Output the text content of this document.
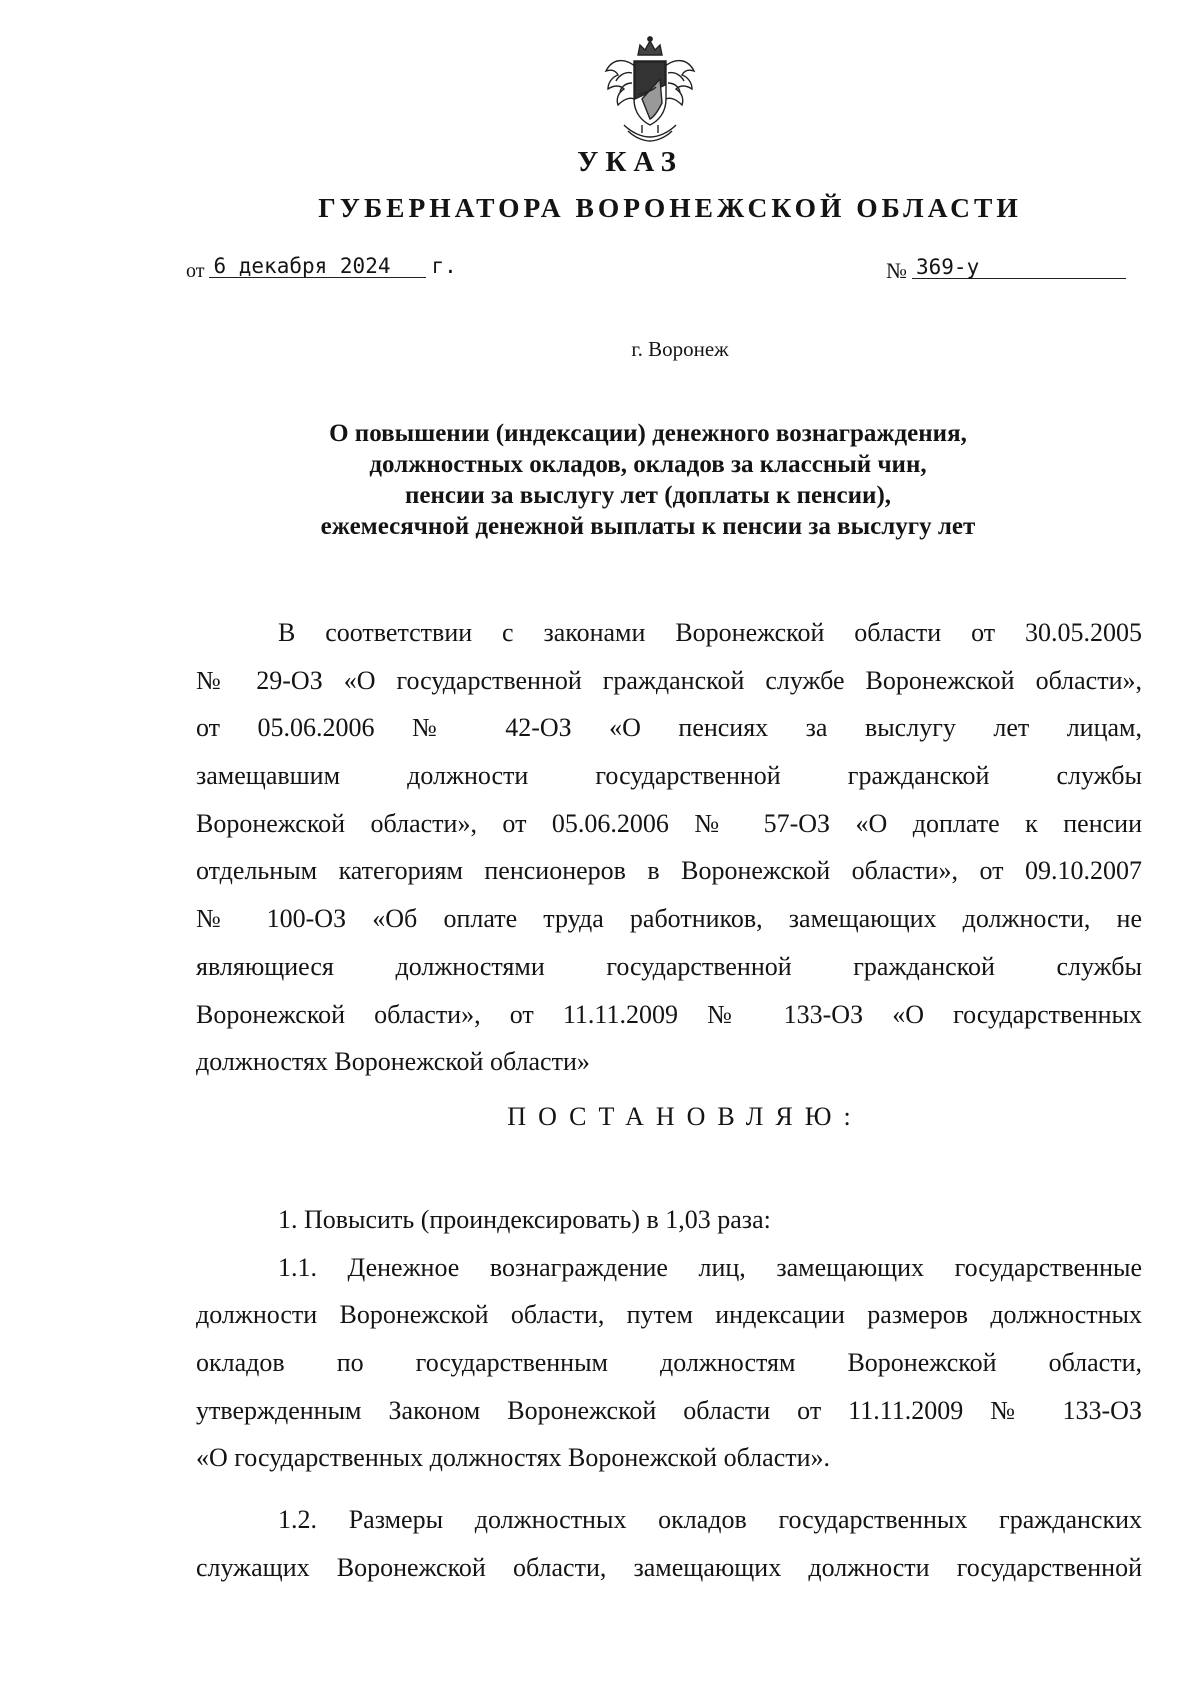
УКАЗ
ГУБЕРНАТОРА ВОРОНЕЖСКОЙ ОБЛАСТИ
от 6 декабря 2024 г.	№ 369-у
г. Воронеж
О повышении (индексации) денежного вознаграждения,
должностных окладов, окладов за классный чин,
пенсии за выслугу лет (доплаты к пенсии),
ежемесячной денежной выплаты к пенсии за выслугу лет
В соответствии с законами Воронежской области от 30.05.2005
№ 29-ОЗ «О государственной гражданской службе Воронежской области»,
от 05.06.2006 № 42-ОЗ «О пенсиях за выслугу лет лицам,
замещавшим должности государственной гражданской службы
Воронежской области», от 05.06.2006 № 57-ОЗ «О доплате к пенсии
отдельным категориям пенсионеров в Воронежской области», от 09.10.2007
№ 100-ОЗ «Об оплате труда работников, замещающих должности, не
являющиеся должностями государственной гражданской службы
Воронежской области», от 11.11.2009 № 133-ОЗ «О государственных
должностях Воронежской области»
ПОСТАНОВЛЯЮ:
1. Повысить (проиндексировать) в 1,03 раза:
1.1. Денежное вознаграждение лиц, замещающих государственные
должности Воронежской области, путем индексации размеров должностных
окладов по государственным должностям Воронежской области,
утвержденным Законом Воронежской области от 11.11.2009 № 133-ОЗ
«О государственных должностях Воронежской области».
1.2. Размеры должностных окладов государственных гражданских
служащих Воронежской области, замещающих должности государственной
